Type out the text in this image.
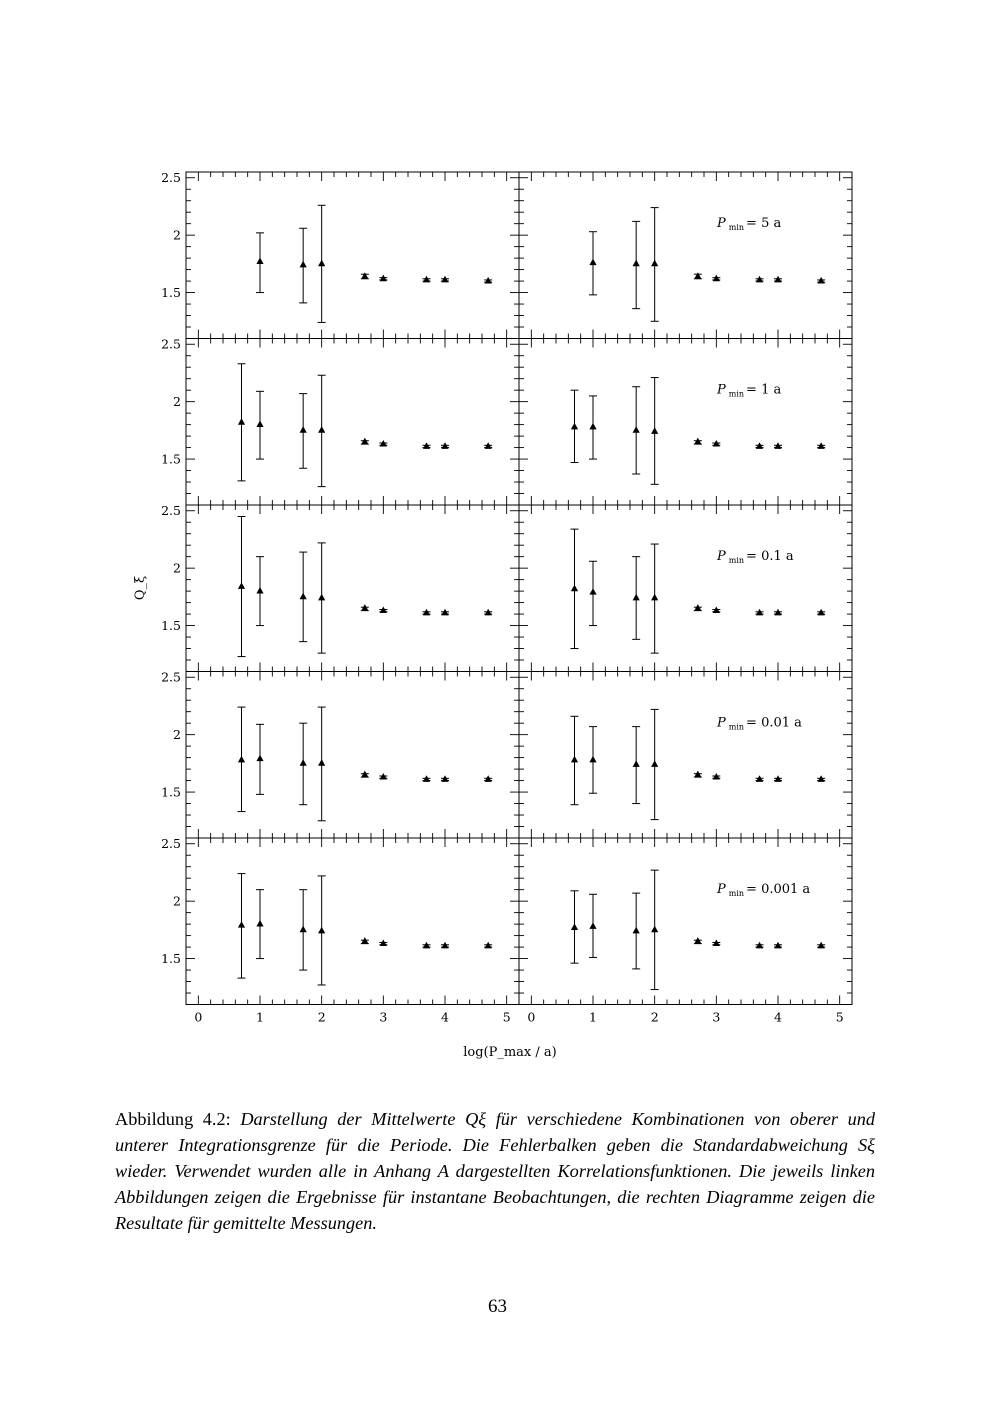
1.5
2
2.5
P $_{min}$ = 5 a
1.5
2
2.5
P $_{min}$ = 1 a
1.5
2
2.5
P $_{min}$ = 0.1 a
1.5
2
2.5
P $_{min}$ = 0.01 a
1.5
2
2.5
0	1	2	3	4	5 0	1	2	3	4	5
P $_{min}$ = 0.001 a
Q_ξ
log(P_max / a)
Abbildung 4.2: Darstellung der Mittelwerte Qξ für verschiedene Kombinationen von oberer und unterer Integrationsgrenze für die Periode. Die Fehlerbalken geben die Standardabweichung Sξ wieder. Verwendet wurden alle in Anhang A dargestellten Korrelationsfunktionen. Die jeweils linken Abbildungen zeigen die Ergebnisse für instantane Beobachtungen, die rechten Diagramme zeigen die Resultate für gemittelte Messungen.
63
